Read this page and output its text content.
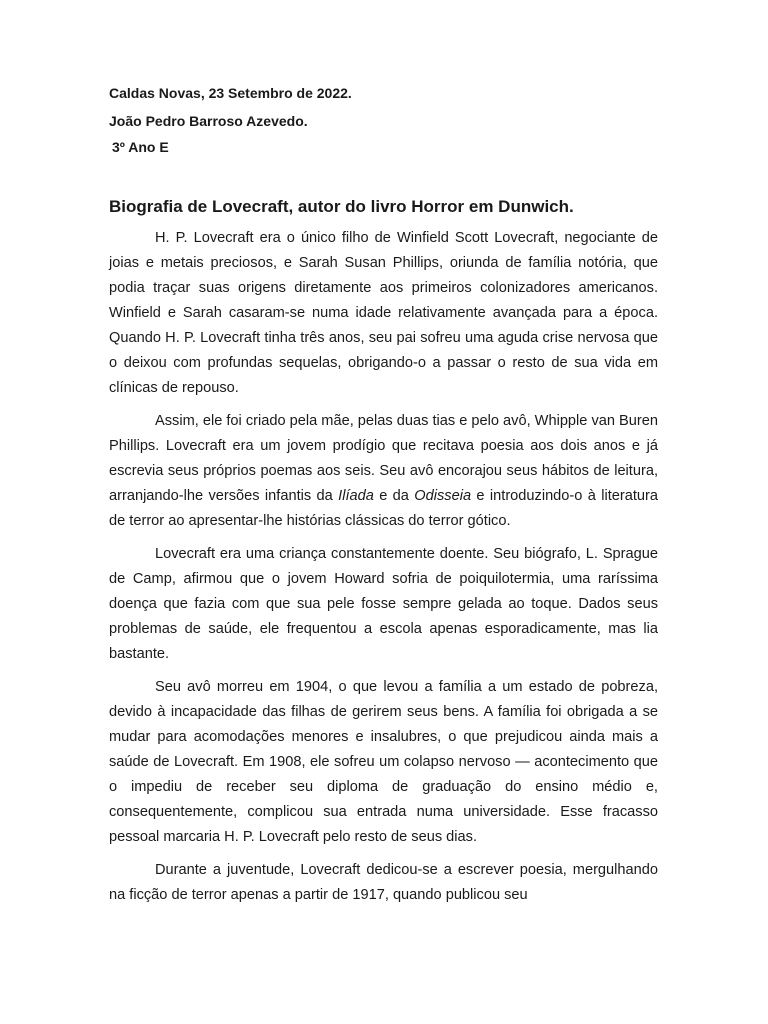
Caldas Novas, 23 Setembro de 2022.
João Pedro Barroso Azevedo.
3º Ano E
Biografia de Lovecraft, autor do livro Horror em Dunwich.

H. P. Lovecraft era o único filho de Winfield Scott Lovecraft, negociante de joias e metais preciosos, e Sarah Susan Phillips, oriunda de família notória, que podia traçar suas origens diretamente aos primeiros colonizadores americanos. Winfield e Sarah casaram-se numa idade relativamente avançada para a época. Quando H. P. Lovecraft tinha três anos, seu pai sofreu uma aguda crise nervosa que o deixou com profundas sequelas, obrigando-o a passar o resto de sua vida em clínicas de repouso.

Assim, ele foi criado pela mãe, pelas duas tias e pelo avô, Whipple van Buren Phillips. Lovecraft era um jovem prodígio que recitava poesia aos dois anos e já escrevia seus próprios poemas aos seis. Seu avô encorajou seus hábitos de leitura, arranjando-lhe versões infantis da Ilíada e da Odisseia e introduzindo-o à literatura de terror ao apresentar-lhe histórias clássicas do terror gótico.

Lovecraft era uma criança constantemente doente. Seu biógrafo, L. Sprague de Camp, afirmou que o jovem Howard sofria de poiquilotermia, uma raríssima doença que fazia com que sua pele fosse sempre gelada ao toque. Dados seus problemas de saúde, ele frequentou a escola apenas esporadicamente, mas lia bastante.

Seu avô morreu em 1904, o que levou a família a um estado de pobreza, devido à incapacidade das filhas de gerirem seus bens. A família foi obrigada a se mudar para acomodações menores e insalubres, o que prejudicou ainda mais a saúde de Lovecraft. Em 1908, ele sofreu um colapso nervoso — acontecimento que o impediu de receber seu diploma de graduação do ensino médio e, consequentemente, complicou sua entrada numa universidade. Esse fracasso pessoal marcaria H. P. Lovecraft pelo resto de seus dias.

Durante a juventude, Lovecraft dedicou-se a escrever poesia, mergulhando na ficção de terror apenas a partir de 1917, quando publicou seu
